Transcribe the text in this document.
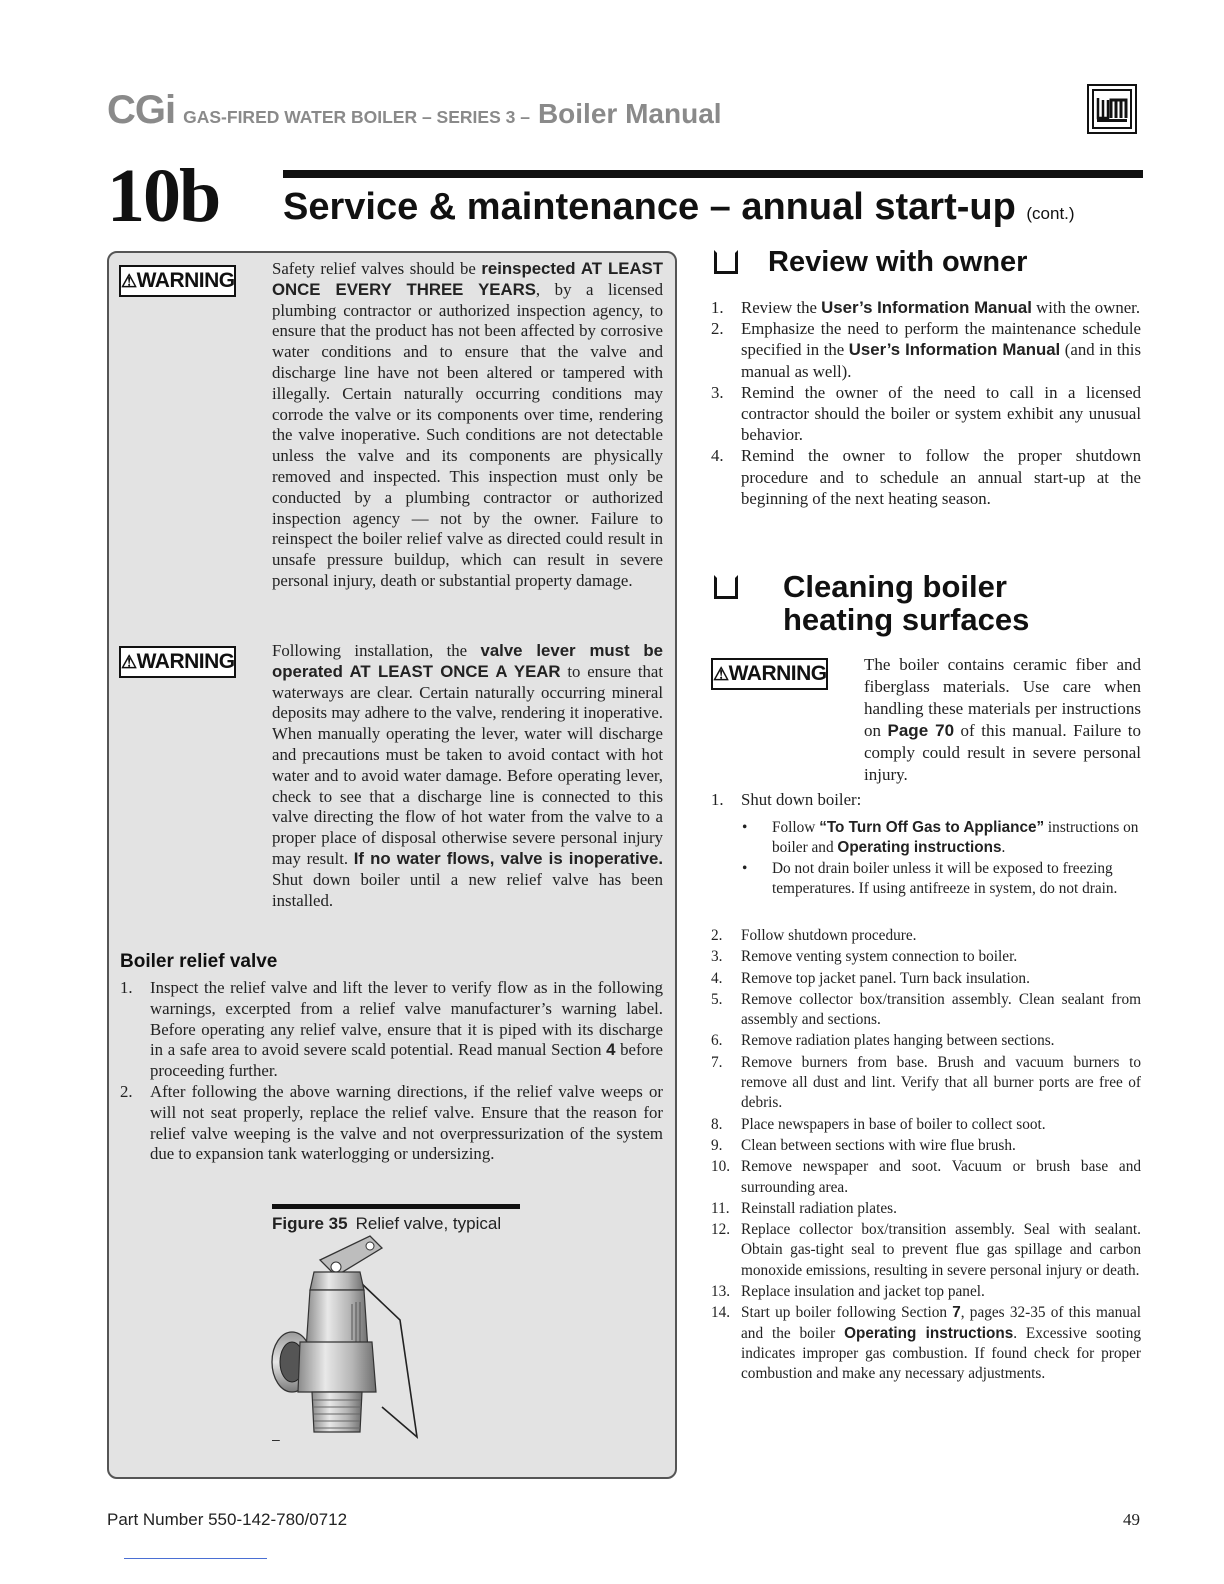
CGi GAS-FIRED WATER BOILER – SERIES 3 – Boiler Manual
10b Service & maintenance – annual start-up (cont.)
⚠WARNING
Safety relief valves should be reinspected AT LEAST ONCE EVERY THREE YEARS, by a licensed plumbing contractor or authorized inspection agency, to ensure that the product has not been affected by corrosive water conditions and to ensure that the valve and discharge line have not been altered or tampered with illegally. Certain naturally occurring conditions may corrode the valve or its components over time, rendering the valve inoperative. Such conditions are not detectable unless the valve and its components are physically removed and inspected. This inspection must only be conducted by a plumbing contractor or authorized inspection agency — not by the owner. Failure to reinspect the boiler relief valve as directed could result in unsafe pressure buildup, which can result in severe personal injury, death or substantial property damage.
⚠WARNING Following installation, the valve lever must be operated AT LEAST ONCE A YEAR to ensure that waterways are clear. Certain naturally occurring mineral deposits may adhere to the valve, rendering it inoperative. When manually operating the lever, water will discharge and precautions must be taken to avoid contact with hot water and to avoid water damage. Before operating lever, check to see that a discharge line is connected to this valve directing the flow of hot water from the valve to a proper place of disposal otherwise severe personal injury may result. If no water flows, valve is inoperative. Shut down boiler until a new relief valve has been installed.
Boiler relief valve
1. Inspect the relief valve and lift the lever to verify flow as in the following warnings, excerpted from a relief valve manufacturer’s warning label. Before operating any relief valve, ensure that it is piped with its discharge in a safe area to avoid severe scald potential. Read manual Section 4 before proceeding further.
2. After following the above warning directions, if the relief valve weeps or will not seat properly, replace the relief valve. Ensure that the reason for relief valve weeping is the valve and not overpressurization of the system due to expansion tank waterlogging or undersizing.
Figure 35 Relief valve, typical
–
Review with owner
1. Review the User’s Information Manual with the owner.
2. Emphasize the need to perform the maintenance schedule specified in the User’s Information Manual (and in this manual as well).
3. Remind the owner of the need to call in a licensed contractor should the boiler or system exhibit any unusual behavior.
4. Remind the owner to follow the proper shutdown procedure and to schedule an annual start-up at the beginning of the next heating season.
Cleaning boiler heating surfaces
⚠WARNING The boiler contains ceramic fiber and fiberglass materials. Use care when handling these materials per instructions on Page 70 of this manual. Failure to comply could result in severe personal injury.
1. Shut down boiler:
• Follow “To Turn Off Gas to Appliance” instructions on boiler and Operating instructions.
• Do not drain boiler unless it will be exposed to freezing temperatures. If using antifreeze in system, do not drain.
2. Follow shutdown procedure.
3. Remove venting system connection to boiler.
4. Remove top jacket panel. Turn back insulation.
5. Remove collector box/transition assembly. Clean sealant from assembly and sections.
6. Remove radiation plates hanging between sections.
7. Remove burners from base. Brush and vacuum burners to remove all dust and lint. Verify that all burner ports are free of debris.
8. Place newspapers in base of boiler to collect soot.
9. Clean between sections with wire flue brush.
10. Remove newspaper and soot. Vacuum or brush base and surrounding area.
11. Reinstall radiation plates.
12. Replace collector box/transition assembly. Seal with sealant. Obtain gas-tight seal to prevent flue gas spillage and carbon monoxide emissions, resulting in severe personal injury or death.
13. Replace insulation and jacket top panel.
14. Start up boiler following Section 7, pages 32-35 of this manual and the boiler Operating instructions. Excessive sooting indicates improper gas combustion. If found check for proper combustion and make any necessary adjustments.
Part Number 550-142-780/0712	49
